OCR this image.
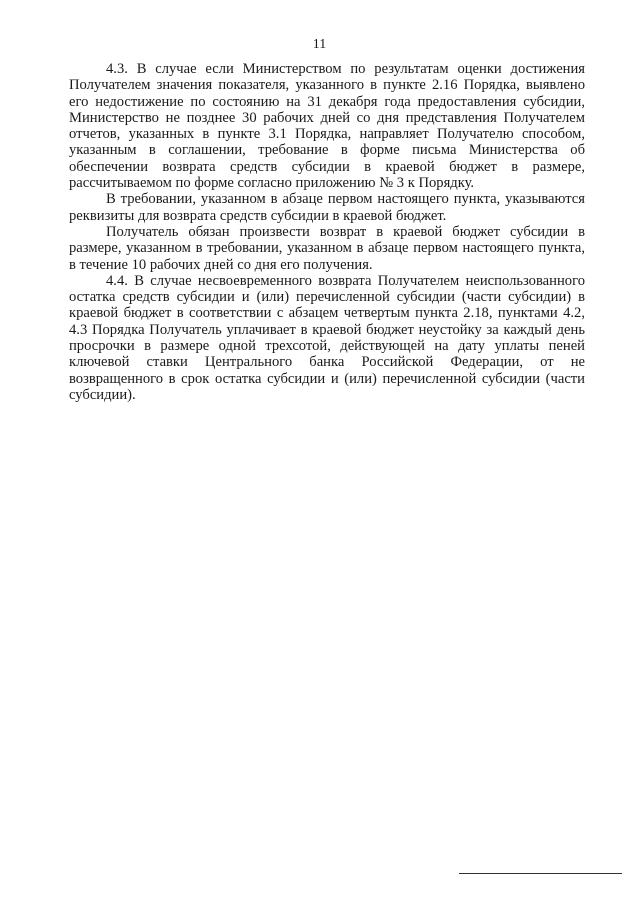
11

4.3. В случае если Министерством по результатам оценки достижения Получателем значения показателя, указанного в пункте 2.16 Порядка, выявлено его недостижение по состоянию на 31 декабря года предоставления субсидии, Министерство не позднее 30 рабочих дней со дня представления Получателем отчетов, указанных в пункте 3.1 Порядка, направляет Получателю способом, указанным в соглашении, требование в форме письма Министерства об обеспечении возврата средств субсидии в краевой бюджет в размере, рассчитываемом по форме согласно приложению № 3 к Порядку.

В требовании, указанном в абзаце первом настоящего пункта, указываются реквизиты для возврата средств субсидии в краевой бюджет.

Получатель обязан произвести возврат в краевой бюджет субсидии в размере, указанном в требовании, указанном в абзаце первом настоящего пункта, в течение 10 рабочих дней со дня его получения.

4.4. В случае несвоевременного возврата Получателем неиспользованного остатка средств субсидии и (или) перечисленной субсидии (части субсидии) в краевой бюджет в соответствии с абзацем четвертым пункта 2.18, пунктами 4.2, 4.3 Порядка Получатель уплачивает в краевой бюджет неустойку за каждый день просрочки в размере одной трехсотой, действующей на дату уплаты пеней ключевой ставки Центрального банка Российской Федерации, от не возвращенного в срок остатка субсидии и (или) перечисленной субсидии (части субсидии).
